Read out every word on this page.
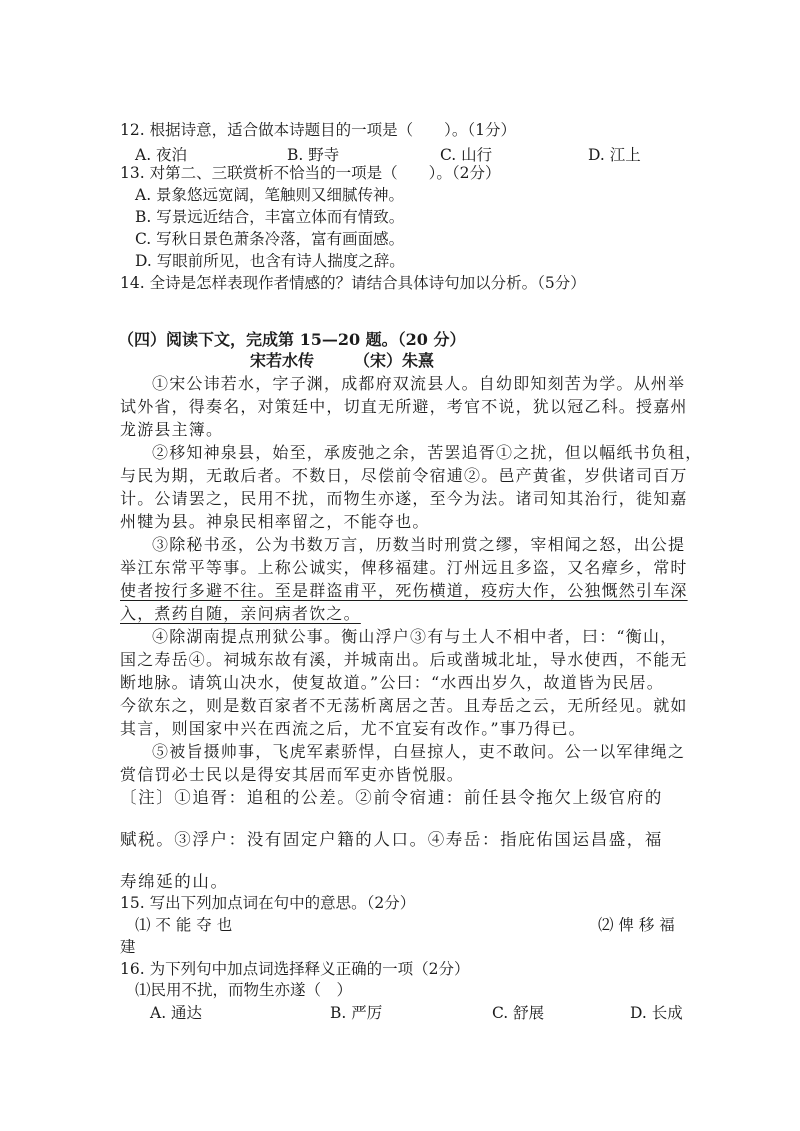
12. 根据诗意，适合做本诗题目的一项是（　　）。（1分）
A. 夜泊	B. 野寺	C. 山行	D. 江上
13. 对第二、三联赏析不恰当的一项是（　　）。（2分）
A. 景象悠远宽阔，笔触则又细腻传神。
B. 写景远近结合，丰富立体而有情致。
C. 写秋日景色萧条冷落，富有画面感。
D. 写眼前所见，也含有诗人揣度之辞。
14. 全诗是怎样表现作者情感的？请结合具体诗句加以分析。（5分）
（四）阅读下文，完成第 15—20 题。（20 分）
宋若水传　　　（宋）朱熹
①宋公讳若水，字子渊，成都府双流县人。自幼即知刻苦为学。从州举
试外省，得奏名，对策廷中，切直无所避，考官不说，犹以冠乙科。授嘉州
龙游县主簿。
②移知神泉县，始至，承废弛之余，苦罢追胥①之扰，但以幅纸书负租，
与民为期，无敢后者。不数日，尽偿前令宿逋②。邑产黄雀，岁供诸司百万
计。公请罢之，民用不扰，而物生亦遂，至今为法。诸司知其治行，徙知嘉
州犍为县。神泉民相率留之，不能夺也。
③除秘书丞，公为书数万言，历数当时刑赏之缪，宰相闻之怒，出公提
举江东常平等事。上称公诚实，俾移福建。汀州远且多盗，又名瘴乡，常时
使者按行多避不往。至是群盗甫平，死伤横道，疫疠大作，公独慨然引车深
入，煮药自随，亲问病者饮之。
④除湖南提点刑狱公事。衡山浮户③有与土人不相中者，曰：“衡山，
国之寿岳④。祠城东故有溪，并城南出。后或凿城北址，导水使西，不能无
断地脉。请筑山决水，使复故道。”公曰：“水西出岁久，故道皆为民居。
今欲东之，则是数百家者不无荡析离居之苦。且寿岳之云，无所经见。就如
其言，则国家中兴在西流之后，尤不宜妄有改作。”事乃得已。
⑤被旨摄帅事，飞虎军素骄悍，白昼掠人，吏不敢问。公一以军律绳之
赏信罚必士民以是得安其居而军吏亦皆悦服。
〔注〕①追胥：追租的公差。②前令宿逋：前任县令拖欠上级官府的
赋税。③浮户：没有固定户籍的人口。④寿岳：指庇佑国运昌盛，福
寿绵延的山。
15. 写出下列加点词在句中的意思。（2分）
⑴ 不 能 夺 也	⑵ 俾 移 福
建
16. 为下列句中加点词选择释义正确的一项（2分）
⑴民用不扰，而物生亦遂（　）
A. 通达	B. 严厉	C. 舒展	D. 长成
